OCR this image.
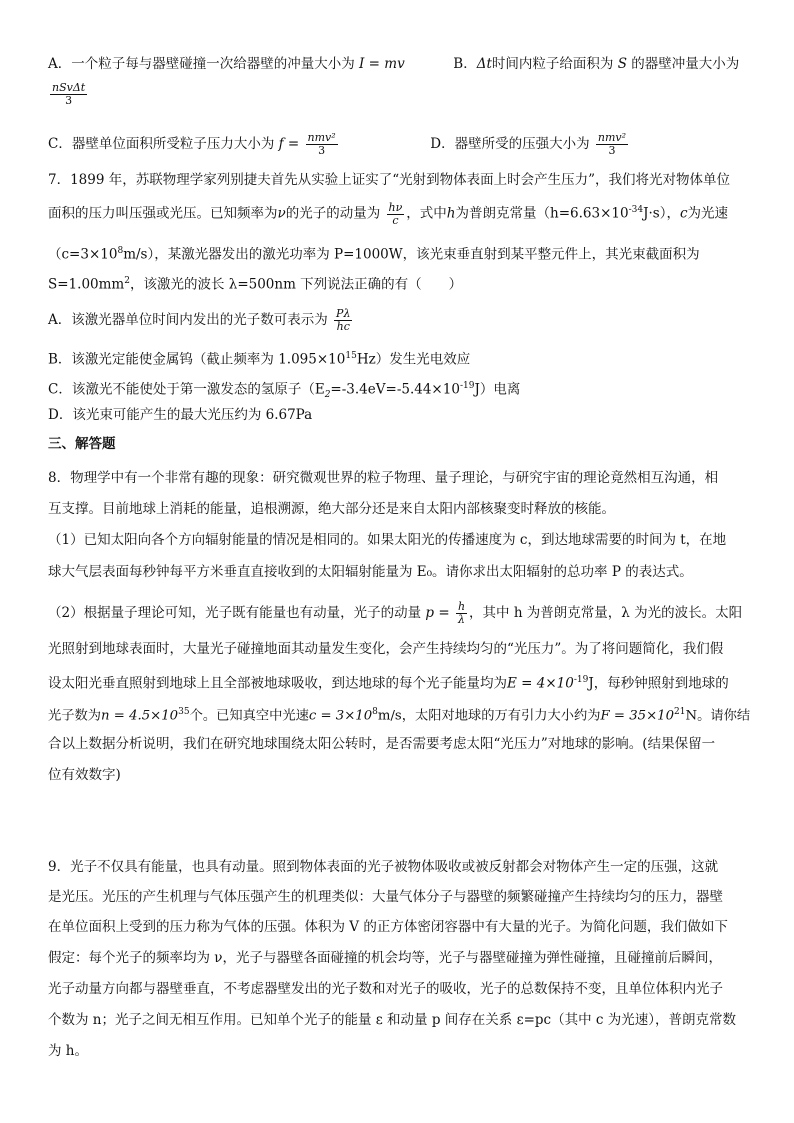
A．一个粒子每与器壁碰撞一次给器壁的冲量大小为 I = mv	B．Δt时间内粒子给面积为 S 的器壁冲量大小为
$\frac{\text{nSvΔt}}{3}$
C．器壁单位面积所受粒子压力大小为 $f = \frac{\text{nmv²}}{3}$	D．器壁所受的压强大小为 $\frac{\text{nmv²}}{3}$
7．1899 年，苏联物理学家列别捷夫首先从实验上证实了“光射到物体表面上时会产生压力”，我们将光对物体单位
面积的压力叫压强或光压。已知频率为ν的光子的动量为 $\frac{h\nu}{c}$ ，式中h为普朗克常量$(h=6.63\times 10^{-34}J\cdot s)$，c为光速
$(c=3\times 10^8m/s)$，某激光器发出的激光功率为 P=1000W，该光束垂直射到某平整元件上，其光束截面积为
$S=1.00mm^2$，该激光的波长 λ=500nm 下列说法正确的有（　　）
A．该激光器单位时间内发出的光子数可表示为 $\frac{P\lambda}{hc}$
B．该激光定能使金属钨（截止频率为 $1.095\times 10^{15}Hz$）发生光电效应
C．该激光不能使处于第一激发态的氢原子$(E_2=-3.4eV=-5.44\times 10^{-19}J)$电离
D．该光束可能产生的最大光压约为 6.67Pa
三、解答题
8．物理学中有一个非常有趣的现象：研究微观世界的粒子物理、量子理论，与研究宇宙的理论竟然相互沟通，相
互支撑。目前地球上消耗的能量，追根溯源，绝大部分还是来自太阳内部核聚变时释放的核能。
（1）已知太阳向各个方向辐射能量的情况是相同的。如果太阳光的传播速度为 c，到达地球需要的时间为 t，在地
球大气层表面每秒钟每平方米垂直直接收到的太阳辐射能量为 E₀。请你求出太阳辐射的总功率 P 的表达式。
（2）根据量子理论可知，光子既有能量也有动量，光子的动量 $p = \frac{h}{\lambda}$ ，其中 h 为普朗克常量，λ 为光的波长。太阳
光照射到地球表面时，大量光子碰撞地面其动量发生变化，会产生持续均匀的“光压力”。为了将问题简化，我们假
设太阳光垂直照射到地球上且全部被地球吸收，到达地球的每个光子能量均为$E = 4\times 10^{-19}J$，每秒钟照射到地球的
光子数为$n = 4.5\times 10^{35}$个。已知真空中光速$c = 3\times 10^8m/s$，太阳对地球的万有引力大小约为$F = 35\times 10^{21}N$。请你结
合以上数据分析说明，我们在研究地球围绕太阳公转时，是否需要考虑太阳“光压力”对地球的影响。(结果保留一
位有效数字)
9．光子不仅具有能量，也具有动量。照到物体表面的光子被物体吸收或被反射都会对物体产生一定的压强，这就
是光压。光压的产生机理与气体压强产生的机理类似：大量气体分子与器壁的频繁碰撞产生持续均匀的压力，器壁
在单位面积上受到的压力称为气体的压强。体积为 V 的正方体密闭容器中有大量的光子。为简化问题，我们做如下
假定：每个光子的频率均为 ν，光子与器壁各面碰撞的机会均等，光子与器壁碰撞为弹性碰撞，且碰撞前后瞬间，
光子动量方向都与器壁垂直，不考虑器壁发出的光子数和对光子的吸收，光子的总数保持不变，且单位体积内光子
个数为 n；光子之间无相互作用。已知单个光子的能量 ε 和动量 p 间存在关系 ε=pc（其中 c 为光速），普朗克常数
为 h。
